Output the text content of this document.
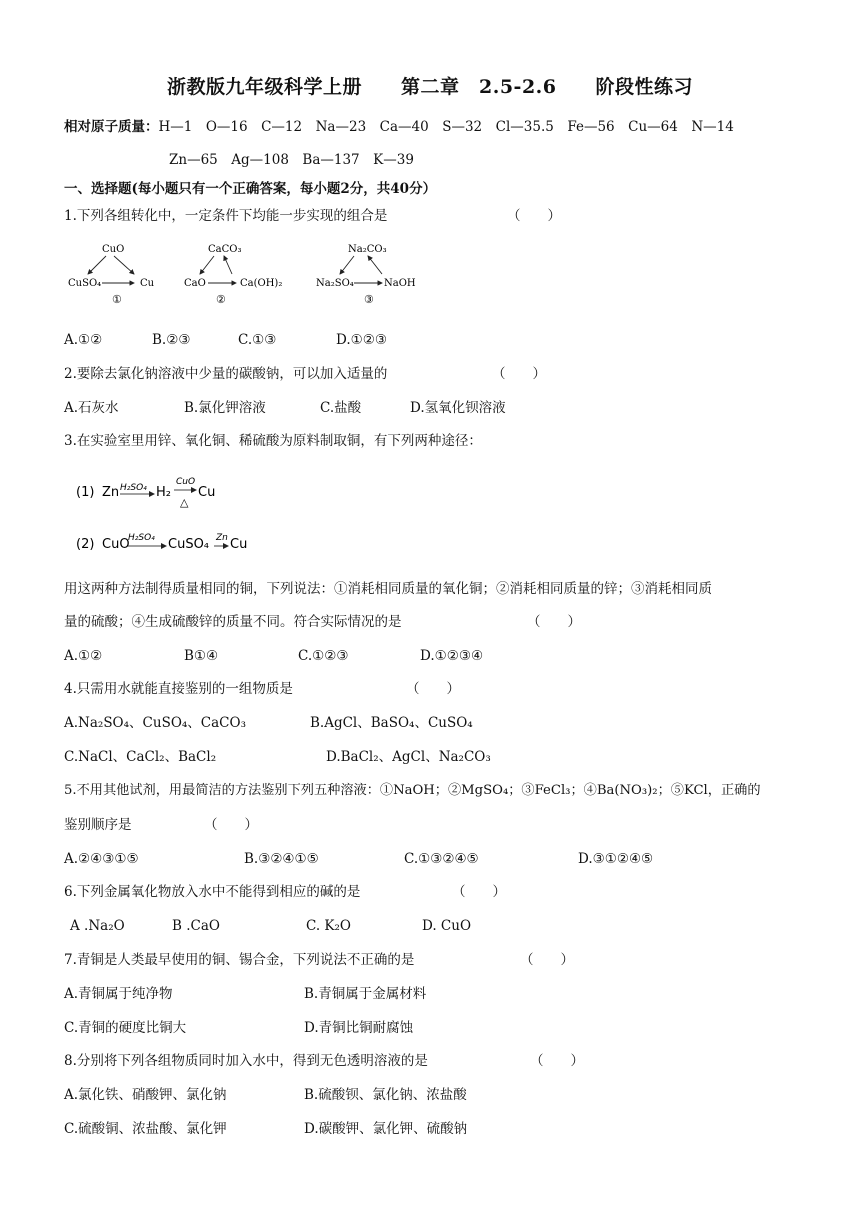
浙教版九年级科学上册　　第二章　2.5-2.6　　阶段性练习
相对原子质量：H—1　O—16　C—12　Na—23　Ca—40　S—32　Cl—35.5　Fe—56　Cu—64　N—14
Zn—65　Ag—108　Ba—137　K—39
一、选择题(每小题只有一个正确答案，每小题2分，共40分）
1.下列各组转化中，一定条件下均能一步实现的组合是	（　　）
CuO
CuSO₄	Cu
①
CaCO₃
CaO	Ca(OH)₂
②
Na₂CO₃
Na₂SO₄	NaOH
③
A.①②	B.②③	C.①③	D.①②③
2.要除去氯化钠溶液中少量的碳酸钠，可以加入适量的	（　　）
A.石灰水	B.氯化钾溶液	C.盐酸	D.氢氧化钡溶液
3.在实验室里用锌、氧化铜、稀硫酸为原料制取铜，有下列两种途径：
(1) Zn H₂SO₄ H₂
CuO
△
Cu
(2) CuO
H₂SO₄ CuSO₄ Zn Cu
用这两种方法制得质量相同的铜，下列说法：①消耗相同质量的氧化铜；②消耗相同质量的锌；③消耗相同质
量的硫酸；④生成硫酸锌的质量不同。符合实际情况的是	（　　）
A.①②	B①④	C.①②③	D.①②③④
4.只需用水就能直接鉴别的一组物质是	（　　）
A.Na₂SO₄、CuSO₄、CaCO₃	B.AgCl、BaSO₄、CuSO₄
C.NaCl、CaCl₂、BaCl₂	D.BaCl₂、AgCl、Na₂CO₃
5.不用其他试剂，用最简洁的方法鉴别下列五种溶液：①NaOH；②MgSO₄；③FeCl₃；④Ba(NO₃)₂；⑤KCl，正确的
鉴别顺序是	（　　）
A.②④③①⑤	B.③②④①⑤	C.①③②④⑤	D.③①②④⑤
6.下列金属氧化物放入水中不能得到相应的碱的是	（　　）
A .Na₂O	B .CaO	C. K₂O	D. CuO
7.青铜是人类最早使用的铜、锡合金，下列说法不正确的是	（　　）
A.青铜属于纯净物	B.青铜属于金属材料
C.青铜的硬度比铜大	D.青铜比铜耐腐蚀
8.分别将下列各组物质同时加入水中，得到无色透明溶液的是	（　　）
A.氯化铁、硝酸钾、氯化钠	B.硫酸钡、氯化钠、浓盐酸
C.硫酸铜、浓盐酸、氯化钾	D.碳酸钾、氯化钾、硫酸钠
